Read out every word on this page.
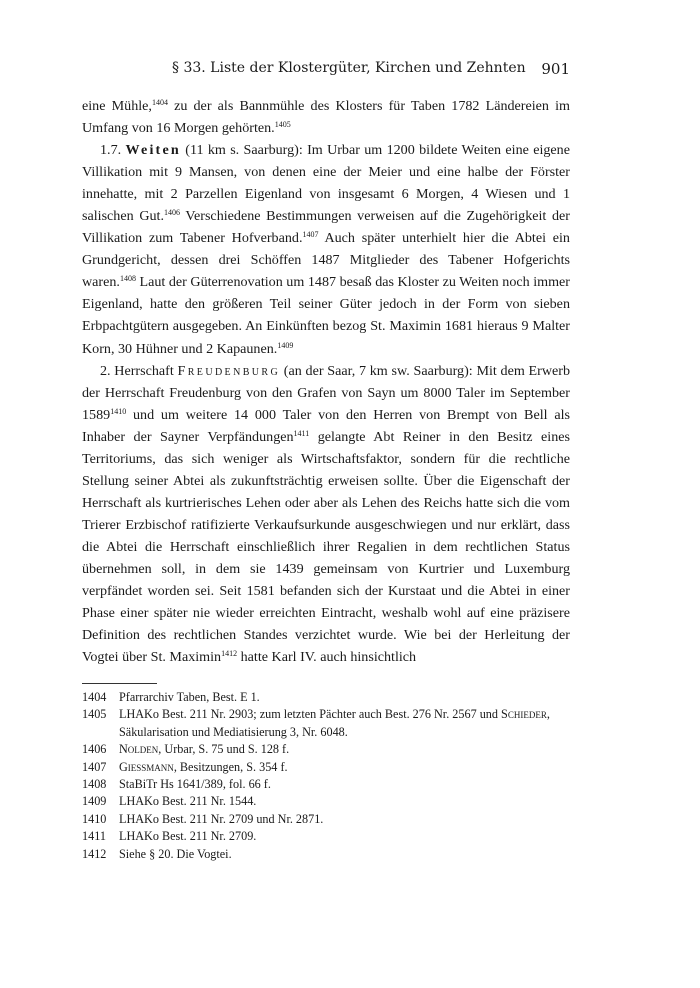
§ 33. Liste der Klostergüter, Kirchen und Zehnten 901

eine Mühle,$^{1404}$ zu der als Bannmühle des Klosters für Taben 1782 Ländereien im Umfang von 16 Morgen gehörten.$^{1405}$

1.7. Weiten (11 km s. Saarburg): Im Urbar um 1200 bildete Weiten eine eigene Villikation mit 9 Mansen, von denen eine der Meier und eine halbe der Förster innehatte, mit 2 Parzellen Eigenland von insgesamt 6 Morgen, 4 Wiesen und 1 salischen Gut.$^{1406}$ Verschiedene Bestimmungen verweisen auf die Zugehörigkeit der Villikation zum Tabener Hofverband.$^{1407}$ Auch später unterhielt hier die Abtei ein Grundgericht, dessen drei Schöffen 1487 Mitglieder des Tabener Hofgerichts waren.$^{1408}$ Laut der Güterrenovation um 1487 besaß das Kloster zu Weiten noch immer Eigenland, hatte den größeren Teil seiner Güter jedoch in der Form von sieben Erbpachtgütern ausgegeben. An Einkünften bezog St. Maximin 1681 hieraus 9 Malter Korn, 30 Hühner und 2 Kapaunen.$^{1409}$

2. Herrschaft Freudenburg (an der Saar, 7 km sw. Saarburg): Mit dem Erwerb der Herrschaft Freudenburg von den Grafen von Sayn um 8000 Taler im September $1589^{1410}$ und um weitere 14 000 Taler von den Herren von Brempt von Bell als Inhaber der Sayner Verpfändungen$^{1411}$ gelangte Abt Reiner in den Besitz eines Territoriums, das sich weniger als Wirtschaftsfaktor, sondern für die rechtliche Stellung seiner Abtei als zukunftsträchtig erweisen sollte. Über die Eigenschaft der Herrschaft als kurtrierisches Lehen oder aber als Lehen des Reichs hatte sich die vom Trierer Erzbischof ratifizierte Verkaufsurkunde ausgeschwiegen und nur erklärt, dass die Abtei die Herrschaft einschließlich ihrer Regalien in dem rechtlichen Status übernehmen soll, in dem sie 1439 gemeinsam von Kurtrier und Luxemburg verpfändet worden sei. Seit 1581 befanden sich der Kurstaat und die Abtei in einer Phase einer später nie wieder erreichten Eintracht, weshalb wohl auf eine präzisere Definition des rechtlichen Standes verzichtet wurde. Wie bei der Herleitung der Vogtei über St. Maximin$^{1412}$ hatte Karl IV. auch hinsichtlich

1404 Pfarrarchiv Taben, Best. E 1.
1405 LHAKo Best. 211 Nr. 2903; zum letzten Pächter auch Best. 276 Nr. 2567 und Schieder, Säkularisation und Mediatisierung 3, Nr. 6048.
1406 Nolden, Urbar, S. 75 und S. 128 f.
1407 Giessmann, Besitzungen, S. 354 f.
1408 StaBiTr Hs 1641/389, fol. 66 f.
1409 LHAKo Best. 211 Nr. 1544.
1410 LHAKo Best. 211 Nr. 2709 und Nr. 2871.
1411 LHAKo Best. 211 Nr. 2709.
1412 Siehe § 20. Die Vogtei.
